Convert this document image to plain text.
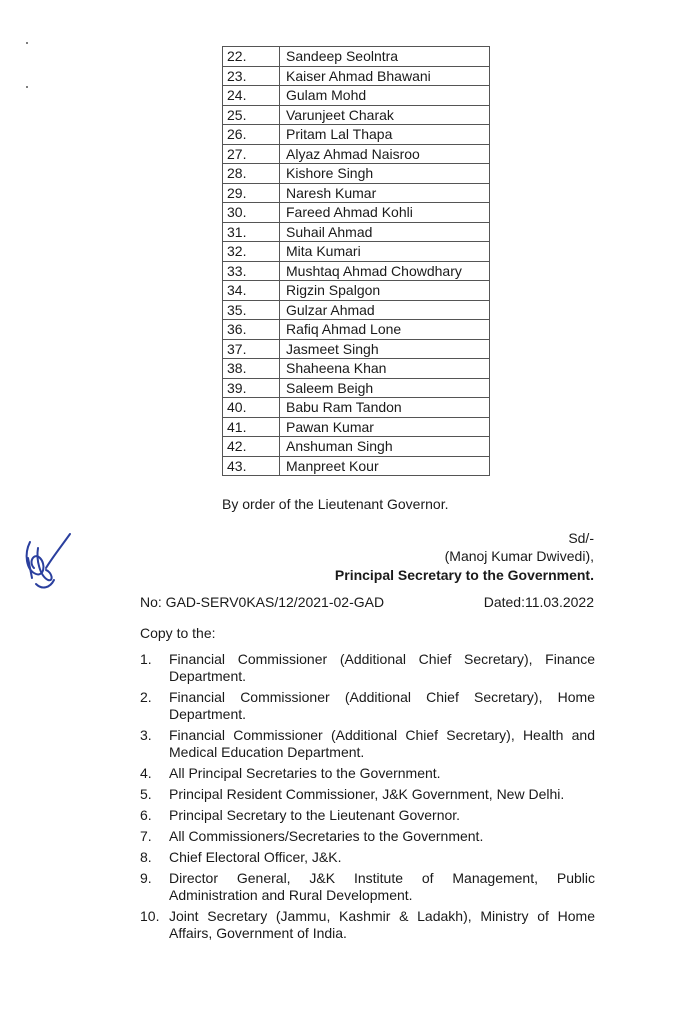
22.	Sandeep Seolntra
23.	Kaiser Ahmad Bhawani
24.	Gulam Mohd
25.	Varunjeet Charak
26.	Pritam Lal Thapa
27.	Alyaz Ahmad Naisroo
28.	Kishore Singh
29.	Naresh Kumar
30.	Fareed Ahmad Kohli
31.	Suhail Ahmad
32.	Mita Kumari
33.	Mushtaq Ahmad Chowdhary
34.	Rigzin Spalgon
35.	Gulzar Ahmad
36.	Rafiq Ahmad Lone
37.	Jasmeet Singh
38.	Shaheena Khan
39.	Saleem Beigh
40.	Babu Ram Tandon
41.	Pawan Kumar
42.	Anshuman Singh
43.	Manpreet Kour
By order of the Lieutenant Governor.
Sd/-
(Manoj Kumar Dwivedi),
Principal Secretary to the Government.
No: GAD-SERV0KAS/12/2021-02-GAD	Dated:11.03.2022
Copy to the:
1. Financial Commissioner (Additional Chief Secretary), Finance Department.
2. Financial Commissioner (Additional Chief Secretary), Home Department.
3. Financial Commissioner (Additional Chief Secretary), Health and Medical Education Department.
4. All Principal Secretaries to the Government.
5. Principal Resident Commissioner, J&K Government, New Delhi.
6. Principal Secretary to the Lieutenant Governor.
7. All Commissioners/Secretaries to the Government.
8. Chief Electoral Officer, J&K.
9. Director General, J&K Institute of Management, Public Administration and Rural Development.
10. Joint Secretary (Jammu, Kashmir & Ladakh), Ministry of Home Affairs, Government of India.
